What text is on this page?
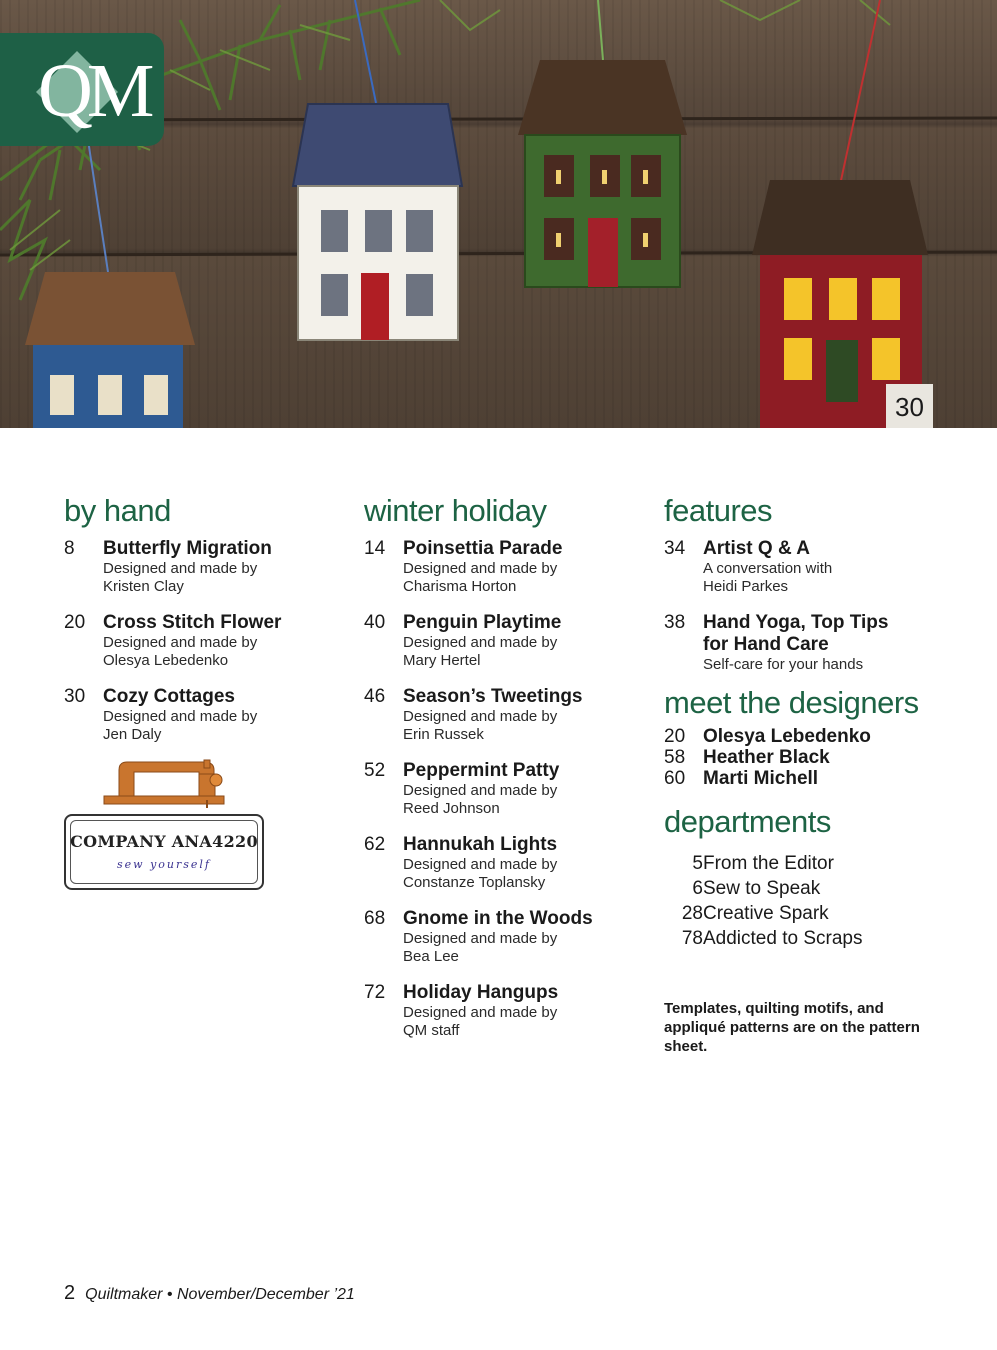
QM
30
by hand
8	Butterfly Migration
Designed and made by
Kristen Clay
20 Cross Stitch Flower
Designed and made by
Olesya Lebedenko
30 Cozy Cottages
Designed and made by
Jen Daly
COMPANY ANA4220
sew yourself
winter holiday
14 Poinsettia Parade
Designed and made by
Charisma Horton
40 Penguin Playtime
Designed and made by
Mary Hertel
46 Season’s Tweetings
Designed and made by
Erin Russek
52 Peppermint Patty
Designed and made by
Reed Johnson
62 Hannukah Lights
Designed and made by
Constanze Toplansky
68 Gnome in the Woods
Designed and made by
Bea Lee
72 Holiday Hangups
Designed and made by
QM staff
features
34 Artist Q & A
A conversation with
Heidi Parkes
38 Hand Yoga, Top Tips
for Hand Care
Self-care for your hands
meet the designers
20 Olesya Lebedenko
58 Heather Black
60 Marti Michell
departments
5 From the Editor
6 Sew to Speak
28 Creative Spark
78 Addicted to Scraps
Templates, quilting motifs, and appliqué patterns are on the pattern sheet.
2 Quiltmaker • November/December ’21
